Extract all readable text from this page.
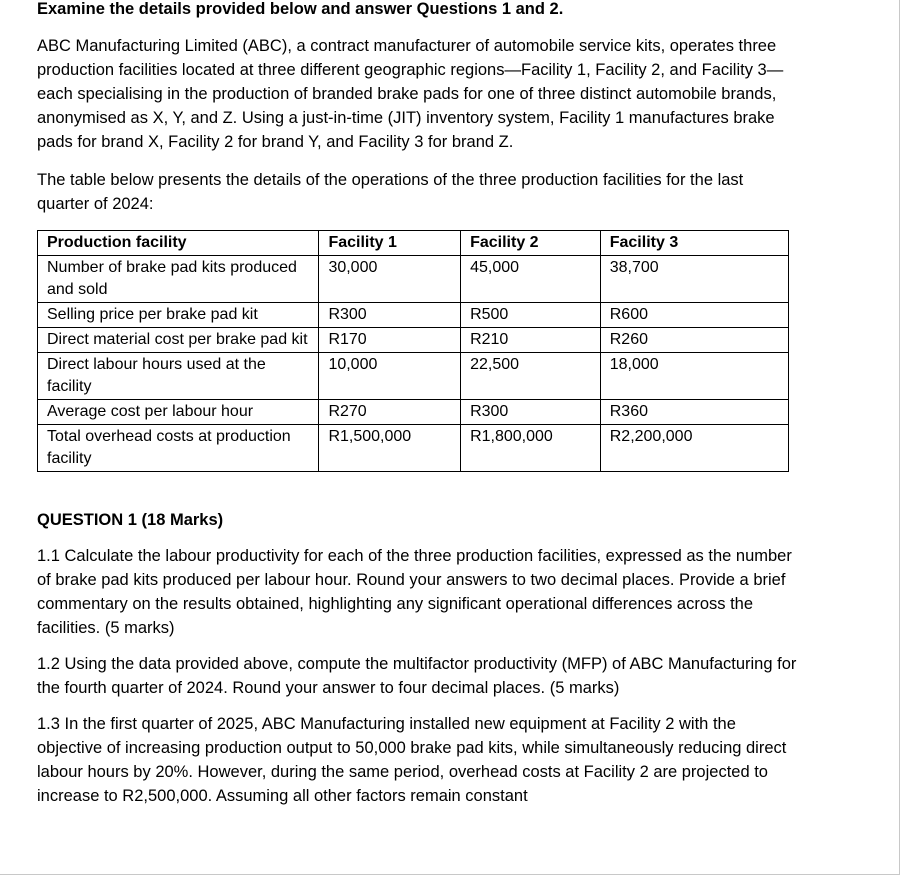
Examine the details provided below and answer Questions 1 and 2.

ABC Manufacturing Limited (ABC), a contract manufacturer of automobile service kits, operates three production facilities located at three different geographic regions—Facility 1, Facility 2, and Facility 3—each specialising in the production of branded brake pads for one of three distinct automobile brands, anonymised as X, Y, and Z. Using a just-in-time (JIT) inventory system, Facility 1 manufactures brake pads for brand X, Facility 2 for brand Y, and Facility 3 for brand Z.

The table below presents the details of the operations of the three production facilities for the last quarter of 2024:

Production facility	Facility 1	Facility 2	Facility 3
Number of brake pad kits produced and sold	30,000	45,000	38,700
Selling price per brake pad kit	R300	R500	R600
Direct material cost per brake pad kit	R170	R210	R260
Direct labour hours used at the facility	10,000	22,500	18,000
Average cost per labour hour	R270	R300	R360
Total overhead costs at production facility	R1,500,000	R1,800,000	R2,200,000

QUESTION 1 (18 Marks)

1.1 Calculate the labour productivity for each of the three production facilities, expressed as the number of brake pad kits produced per labour hour. Round your answers to two decimal places. Provide a brief commentary on the results obtained, highlighting any significant operational differences across the facilities. (5 marks)

1.2 Using the data provided above, compute the multifactor productivity (MFP) of ABC Manufacturing for the fourth quarter of 2024. Round your answer to four decimal places. (5 marks)

1.3 In the first quarter of 2025, ABC Manufacturing installed new equipment at Facility 2 with the objective of increasing production output to 50,000 brake pad kits, while simultaneously reducing direct labour hours by 20%. However, during the same period, overhead costs at Facility 2 are projected to increase to R2,500,000. Assuming all other factors remain constant
